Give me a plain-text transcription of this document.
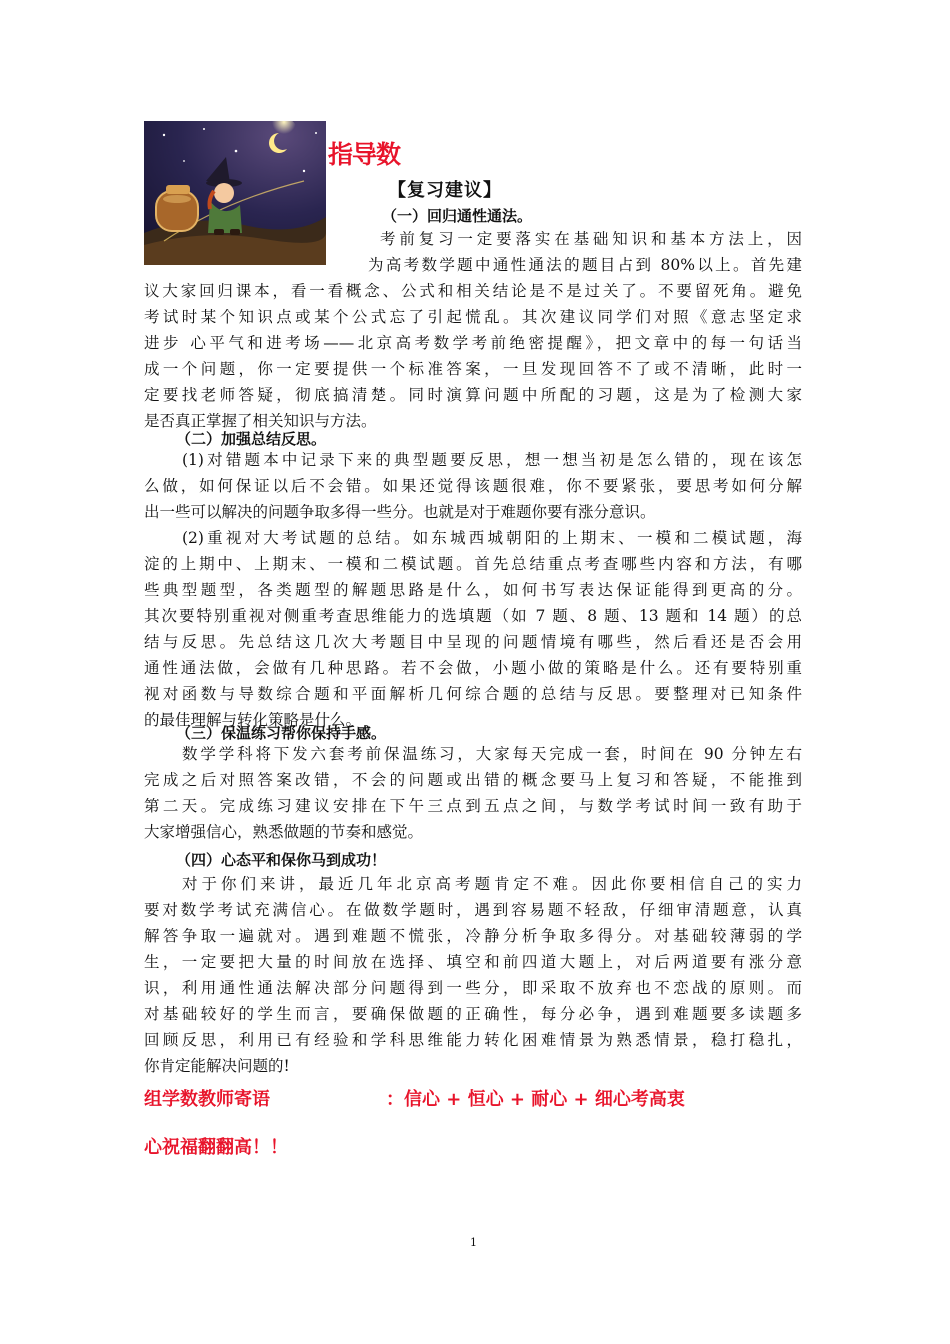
指导数
【复习建议】
（一）回归通性通法。
考前复习一定要落实在基础知识和基本方法上，因
为高考数学题中通性通法的题目占到 80%以上。首先建
议大家回归课本，看一看概念、公式和相关结论是不是过关了。不要留死角。避免
考试时某个知识点或某个公式忘了引起慌乱。其次建议同学们对照《意志坚定求
进步 心平气和进考场——北京高考数学考前绝密提醒》，把文章中的每一句话当
成一个问题，你一定要提供一个标准答案，一旦发现回答不了或不清晰，此时一
定要找老师答疑，彻底搞清楚。同时演算问题中所配的习题，这是为了检测大家
是否真正掌握了相关知识与方法。
（二）加强总结反思。
(1)对错题本中记录下来的典型题要反思，想一想当初是怎么错的，现在该怎
么做，如何保证以后不会错。如果还觉得该题很难，你不要紧张，要思考如何分解
出一些可以解决的问题争取多得一些分。也就是对于难题你要有涨分意识。
(2)重视对大考试题的总结。如东城西城朝阳的上期末、一模和二模试题，海
淀的上期中、上期末、一模和二模试题。首先总结重点考查哪些内容和方法，有哪
些典型题型，各类题型的解题思路是什么，如何书写表达保证能得到更高的分。
其次要特别重视对侧重考查思维能力的选填题（如 7 题、8 题、13 题和 14 题）的总
结与反思。先总结这几次大考题目中呈现的问题情境有哪些，然后看还是否会用
通性通法做，会做有几种思路。若不会做，小题小做的策略是什么。还有要特别重
视对函数与导数综合题和平面解析几何综合题的总结与反思。要整理对已知条件
的最佳理解与转化策略是什么。
（三）保温练习帮你保持手感。
数学学科将下发六套考前保温练习，大家每天完成一套，时间在 90 分钟左右
完成之后对照答案改错，不会的问题或出错的概念要马上复习和答疑，不能推到
第二天。完成练习建议安排在下午三点到五点之间，与数学考试时间一致有助于
大家增强信心，熟悉做题的节奏和感觉。
（四）心态平和保你马到成功！
对于你们来讲，最近几年北京高考题肯定不难。因此你要相信自己的实力
要对数学考试充满信心。在做数学题时，遇到容易题不轻敌，仔细审清题意，认真
解答争取一遍就对。遇到难题不慌张，冷静分析争取多得分。对基础较薄弱的学
生，一定要把大量的时间放在选择、填空和前四道大题上，对后两道要有涨分意
识，利用通性通法解决部分问题得到一些分，即采取不放弃也不恋战的原则。而
对基础较好的学生而言，要确保做题的正确性，每分必争，遇到难题要多读题多
回顾反思，利用已有经验和学科思维能力转化困难情景为熟悉情景，稳打稳扎，
你肯定能解决问题的!
组学数教师寄语	：信心 + 恒心 + 耐心 + 细心考高衷
心祝福翻翻高！！
1
